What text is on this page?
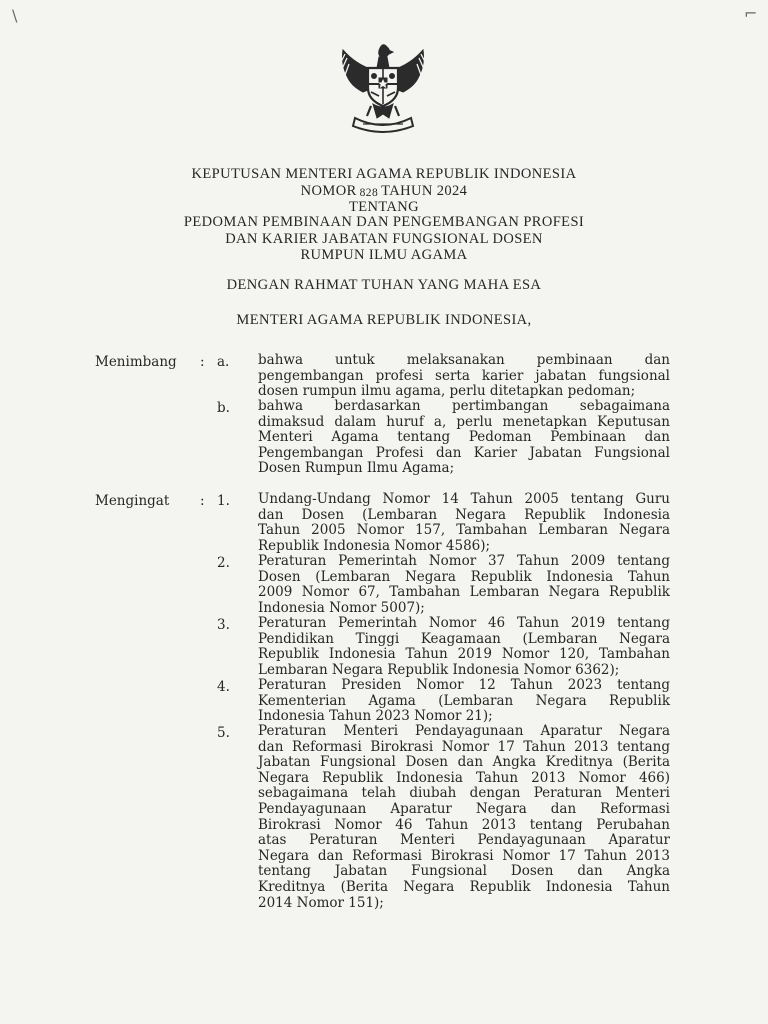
\	⌐
KEPUTUSAN MENTERI AGAMA REPUBLIK INDONESIA
NOMOR 828 TAHUN 2024
TENTANG
PEDOMAN PEMBINAAN DAN PENGEMBANGAN PROFESI
DAN KARIER JABATAN FUNGSIONAL DOSEN
RUMPUN ILMU AGAMA
DENGAN RAHMAT TUHAN YANG MAHA ESA
MENTERI AGAMA REPUBLIK INDONESIA,
Menimbang : a. bahwa untuk melaksanakan pembinaan dan
pengembangan profesi serta karier jabatan fungsional
dosen rumpun ilmu agama, perlu ditetapkan pedoman;
b. bahwa berdasarkan pertimbangan sebagaimana
dimaksud dalam huruf a, perlu menetapkan Keputusan
Menteri Agama tentang Pedoman Pembinaan dan
Pengembangan Profesi dan Karier Jabatan Fungsional
Dosen Rumpun Ilmu Agama;
Mengingat : 1. Undang-Undang Nomor 14 Tahun 2005 tentang Guru
dan Dosen (Lembaran Negara Republik Indonesia
Tahun 2005 Nomor 157, Tambahan Lembaran Negara
Republik Indonesia Nomor 4586);
2. Peraturan Pemerintah Nomor 37 Tahun 2009 tentang
Dosen (Lembaran Negara Republik Indonesia Tahun
2009 Nomor 67, Tambahan Lembaran Negara Republik
Indonesia Nomor 5007);
3. Peraturan Pemerintah Nomor 46 Tahun 2019 tentang
Pendidikan Tinggi Keagamaan (Lembaran Negara
Republik Indonesia Tahun 2019 Nomor 120, Tambahan
Lembaran Negara Republik Indonesia Nomor 6362);
4. Peraturan Presiden Nomor 12 Tahun 2023 tentang
Kementerian Agama (Lembaran Negara Republik
Indonesia Tahun 2023 Nomor 21);
5. Peraturan Menteri Pendayagunaan Aparatur Negara
dan Reformasi Birokrasi Nomor 17 Tahun 2013 tentang
Jabatan Fungsional Dosen dan Angka Kreditnya (Berita
Negara Republik Indonesia Tahun 2013 Nomor 466)
sebagaimana telah diubah dengan Peraturan Menteri
Pendayagunaan Aparatur Negara dan Reformasi
Birokrasi Nomor 46 Tahun 2013 tentang Perubahan
atas Peraturan Menteri Pendayagunaan Aparatur
Negara dan Reformasi Birokrasi Nomor 17 Tahun 2013
tentang Jabatan Fungsional Dosen dan Angka
Kreditnya (Berita Negara Republik Indonesia Tahun
2014 Nomor 151);
